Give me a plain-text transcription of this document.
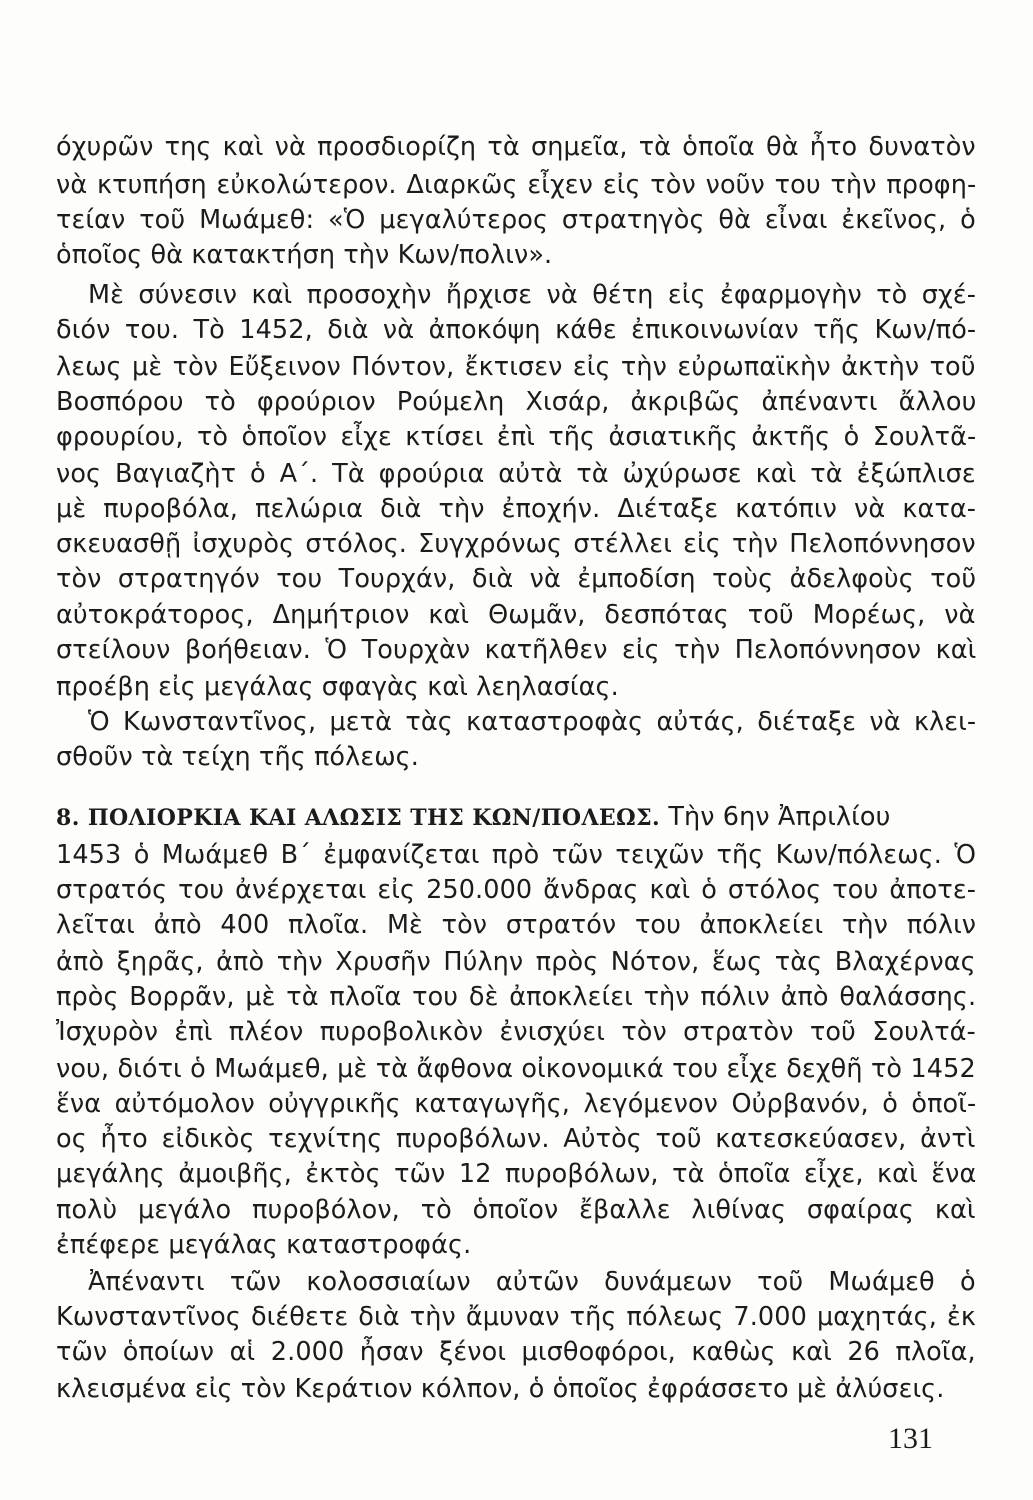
όχυρῶν της καὶ νὰ προσδιορίζη τὰ σημεῖα, τὰ ὁποῖα θὰ ἦτο δυνατὸν
νὰ κτυπήση εὐκολώτερον. Διαρκῶς εἶχεν εἰς τὸν νοῦν του τὴν προφη-
τείαν τοῦ Μωάμεθ: «Ὁ μεγαλύτερος στρατηγὸς θὰ εἶναι ἐκεῖνος, ὁ
ὁποῖος θὰ κατακτήση τὴν Κων/πολιν».
Μὲ σύνεσιν καὶ προσοχὴν ἤρχισε νὰ θέτη εἰς ἐφαρμογὴν τὸ σχέ-
διόν του. Τὸ 1452, διὰ νὰ ἀποκόψη κάθε ἐπικοινωνίαν τῆς Κων/πό-
λεως μὲ τὸν Εὔξεινον Πόντον, ἔκτισεν εἰς τὴν εὐρωπαϊκὴν ἀκτὴν τοῦ
Βοσπόρου τὸ φρούριον Ρούμελη Χισάρ, ἀκριβῶς ἀπέναντι ἄλλου
φρουρίου, τὸ ὁποῖον εἶχε κτίσει ἐπὶ τῆς ἀσιατικῆς ἀκτῆς ὁ Σουλτᾶ-
νος Βαγιαζὴτ ὁ Α΄. Τὰ φρούρια αὐτὰ τὰ ὠχύρωσε καὶ τὰ ἐξώπλισε
μὲ πυροβόλα, πελώρια διὰ τὴν ἐποχήν. Διέταξε κατόπιν νὰ κατα-
σκευασθῇ ἰσχυρὸς στόλος. Συγχρόνως στέλλει εἰς τὴν Πελοπόννησον
τὸν στρατηγόν του Τουρχάν, διὰ νὰ ἐμποδίση τοὺς ἀδελφοὺς τοῦ
αὐτοκράτορος, Δημήτριον καὶ Θωμᾶν, δεσπότας τοῦ Μορέως, νὰ
στείλουν βοήθειαν. Ὁ Τουρχὰν κατῆλθεν εἰς τὴν Πελοπόννησον καὶ
προέβη εἰς μεγάλας σφαγὰς καὶ λεηλασίας.
Ὁ Κωνσταντῖνος, μετὰ τὰς καταστροφὰς αὐτάς, διέταξε νὰ κλει-
σθοῦν τὰ τείχη τῆς πόλεως.
8. ΠΟΛΙΟΡΚΙΑ ΚΑΙ ΑΛΩΣΙΣ ΤΗΣ ΚΩΝ/ΠΟΛΕΩΣ. Τὴν 6ην Ἀπριλίου
1453 ὁ Μωάμεθ Β΄ ἐμφανίζεται πρὸ τῶν τειχῶν τῆς Κων/πόλεως. Ὁ
στρατός του ἀνέρχεται εἰς 250.000 ἄνδρας καὶ ὁ στόλος του ἀποτε-
λεῖται ἀπὸ 400 πλοῖα. Μὲ τὸν στρατόν του ἀποκλείει τὴν πόλιν
ἀπὸ ξηρᾶς, ἀπὸ τὴν Χρυσῆν Πύλην πρὸς Νότον, ἕως τὰς Βλαχέρνας
πρὸς Βορρᾶν, μὲ τὰ πλοῖα του δὲ ἀποκλείει τὴν πόλιν ἀπὸ θαλάσσης.
Ἰσχυρὸν ἐπὶ πλέον πυροβολικὸν ἐνισχύει τὸν στρατὸν τοῦ Σουλτά-
νου, διότι ὁ Μωάμεθ, μὲ τὰ ἄφθονα οἰκονομικά του εἶχε δεχθῆ τὸ 1452
ἕνα αὐτόμολον οὐγγρικῆς καταγωγῆς, λεγόμενον Οὐρβανόν, ὁ ὁποῖ-
ος ἦτο εἰδικὸς τεχνίτης πυροβόλων. Αὐτὸς τοῦ κατεσκεύασεν, ἀντὶ
μεγάλης ἀμοιβῆς, ἐκτὸς τῶν 12 πυροβόλων, τὰ ὁποῖα εἶχε, καὶ ἕνα
πολὺ μεγάλο πυροβόλον, τὸ ὁποῖον ἔβαλλε λιθίνας σφαίρας καὶ
ἐπέφερε μεγάλας καταστροφάς.
Ἀπέναντι τῶν κολοσσιαίων αὐτῶν δυνάμεων τοῦ Μωάμεθ ὁ
Κωνσταντῖνος διέθετε διὰ τὴν ἄμυναν τῆς πόλεως 7.000 μαχητάς, ἐκ
τῶν ὁποίων αἱ 2.000 ἦσαν ξένοι μισθοφόροι, καθὼς καὶ 26 πλοῖα,
κλεισμένα εἰς τὸν Κεράτιον κόλπον, ὁ ὁποῖος ἐφράσσετο μὲ ἀλύσεις.
131
